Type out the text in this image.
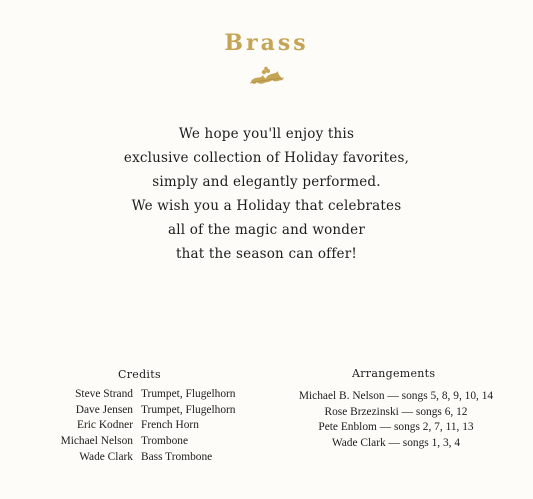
Brass
We hope you'll enjoy this
exclusive collection of Holiday favorites,
simply and elegantly performed.
We wish you a Holiday that celebrates
all of the magic and wonder
that the season can offer!
Credits
Steve Strand Trumpet, Flugelhorn
Dave Jensen Trumpet, Flugelhorn
Eric Kodner French Horn
Michael Nelson Trombone
Wade Clark Bass Trombone
Arrangements
Michael B. Nelson — songs 5, 8, 9, 10, 14
Rose Brzezinski — songs 6, 12
Pete Enblom — songs 2, 7, 11, 13
Wade Clark — songs 1, 3, 4
